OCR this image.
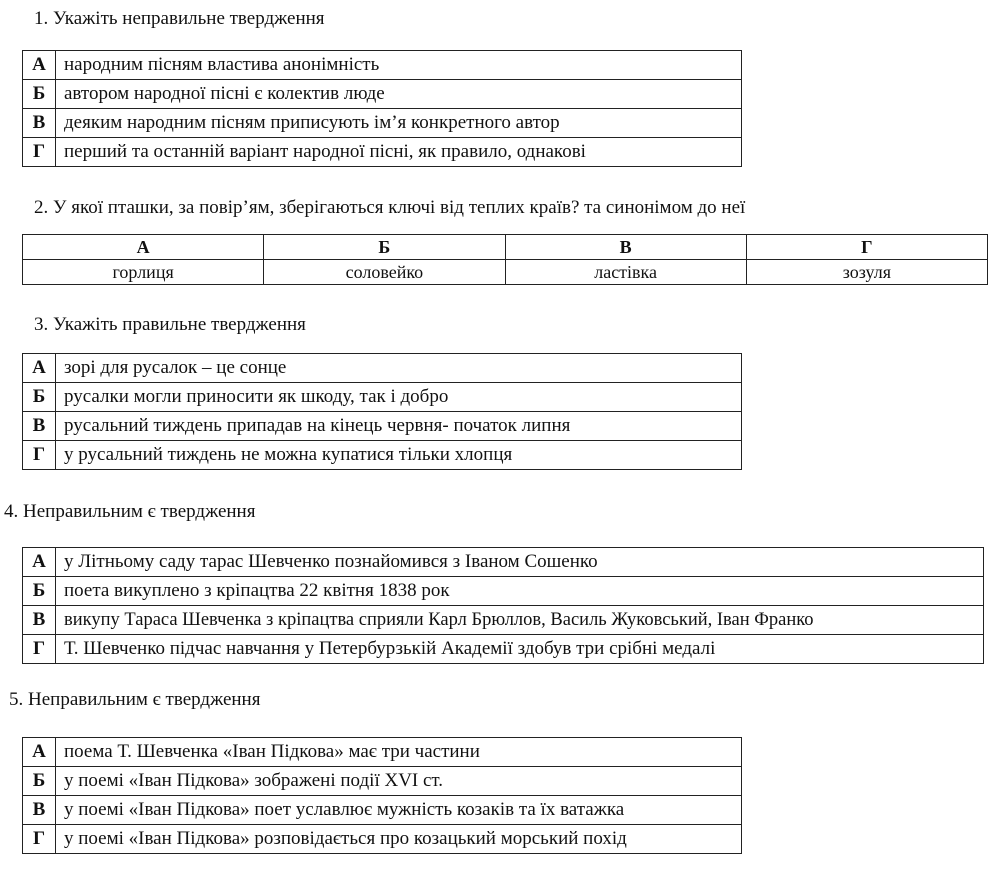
1. Укажіть неправильне твердження
А	народним пісням властива анонімність
Б	автором народної пісні є колектив люде
В	деяким народним пісням приписують ім’я конкретного автор
Г	перший та останній варіант народної пісні, як правило, однакові
2. У якої пташки, за повір’ям, зберігаються ключі від теплих країв? та синонімом до неї
А	Б	В	Г
горлиця	соловейко	ластівка	зозуля
3. Укажіть правильне твердження
А	зорі для русалок – це сонце
Б	русалки могли приносити як шкоду, так і добро
В	русальний тиждень припадав на кінець червня- початок липня
Г	у русальний тиждень не можна купатися тільки хлопця
4. Неправильним є твердження
А	у Літньому саду тарас Шевченко познайомився з Іваном Сошенко
Б	поета викуплено з кріпацтва 22 квітня 1838 рок
В	викупу Тараса Шевченка з кріпацтва сприяли Карл Брюллов, Василь Жуковський, Іван Франко
Г	Т. Шевченко підчас навчання у Петербурзькій Академії здобув три срібні медалі
5. Неправильним є твердження
А	поема Т. Шевченка «Іван Підкова» має три частини
Б	у поемі «Іван Підкова» зображені події XVI ст.
В	у поемі «Іван Підкова» поет уславлює мужність козаків та їх ватажка
Г	у поемі «Іван Підкова» розповідається про козацький морський похід
